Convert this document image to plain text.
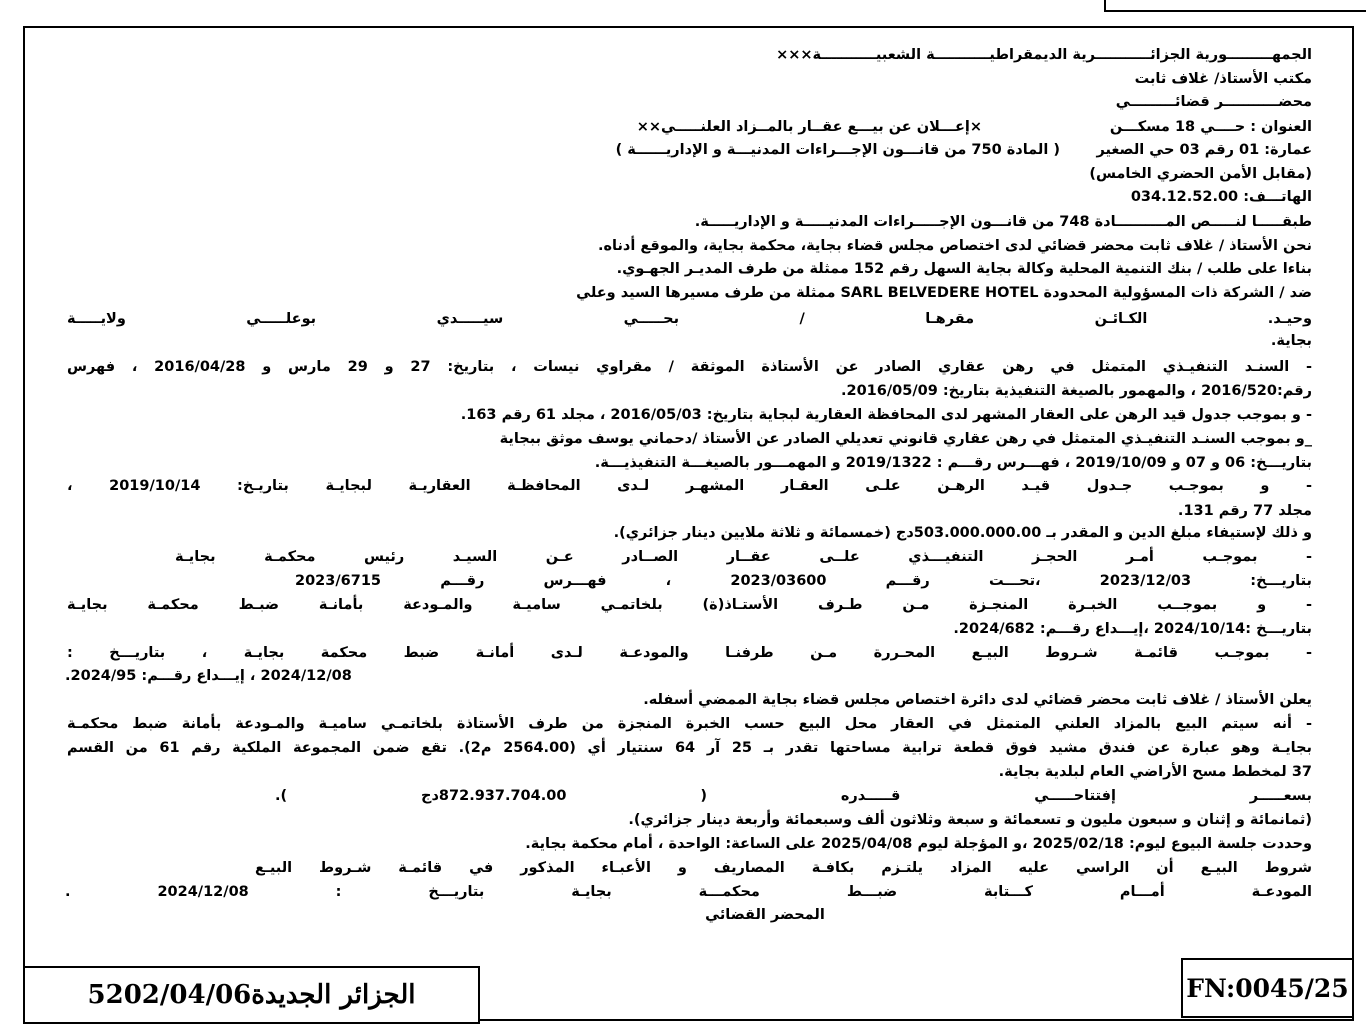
الجمهـــــــــورية الجزائـــــــــــرية الديمقراطيـــــــــــة الشعبيـــــــــــة×××
مكتب الأستاذ/ غلاف ثابت
محضـــــــــــر قضائـــــــــي
العنوان : حــــي 18 مسكـــن
×إعـــلان عن بيـــع عقــار بالمــزاد العلنـــــي××
عمارة: 01 رقم 03 حي الصغير
( المادة 750 من قانـــون الإجـــراءات المدنيـــة و الإداريــــــة )
(مقابل الأمن الحضري الخامس)
الهاتـــف: 034.12.52.00
طبقـــــا لنـــــص المــــــــــادة 748 من قانـــون الإجـــــراءات المدنيـــــة و الإداريـــــة.
نحن الأستاذ / غلاف ثابت محضر قضائي لدى اختصاص مجلس قضاء بجاية، محكمة بجاية، والموقع أدناه.
بناءا على طلب / بنك التنمية المحلية وكالة بجاية السهل رقم 152 ممثلة من طرف المديـر الجهـوي.
ضد / الشركة ذات المسؤولية المحدودة SARL BELVEDERE HOTEL ممثلة من طرف مسيرها السيد وعلي
وحيـد. الكـائـن مقرهـا / بحـــــي سيـــــدي بوعلـــــي ولايـــــة
بجاية.
- السنـد التنفيـذي المتمثل في رهن عقاري الصادر عن الأستاذة الموثقة / مقراوي نيسات ، بتاريخ: 27 و 29 مارس و 2016/04/28 ، فهرس
رقم:2016/520 ، والمهمور بالصيغة التنفيذية بتاريخ: 2016/05/09.
- و بموجب جدول قيد الرهن على العقار المشهر لدى المحافظة العقارية لبجاية بتاريخ: 2016/05/03 ، مجلد 61 رقم 163.
_و بموجب السنـد التنفيـذي المتمثل في رهن عقاري قانوني تعديلي الصادر عن الأستاذ /دحماني يوسف موثق ببجاية
بتاريـــخ: 06 و 07 و 2019/10/09 ، فهـــرس رقـــم : 2019/1322 و المهمـــور بالصيغـــة التنفيذيـــة.
- و بموجـب جـدول قيـد الرهـن علـى العقـار المشهـر لـدى المحافظـة العقاريـة لبجايـة بتاريـخ: 2019/10/14 ،
مجلد 77 رقم 131.
و ذلك لإستيفاء مبلغ الدين و المقدر بـ 503.000.000.00دج (خمسمائة و ثلاثة ملايين دينار جزائري).
- بموجـب أمـر الحجـز التنفيـــذي علــى عقــار الصــادر عـن السيـد رئيس محكمـة بجايـة
بتاريـــخ: 2023/12/03 ،تحـــت رقـــم 2023/03600 ، فهـــرس رقـــم 2023/6715
- و بموجــب الخبـرة المنجـزة مـن طـرف الأستـاذ(ة) بلخاتمـي ساميـة والمـودعة بأمانـة ضبـط محكمـة بجايـة
بتاريـــخ :2024/10/14 ،إيـــداع رقـــم: 2024/682.
- بموجـب قائمـة شـروط البيـع المحـررة مـن طرفنـا والمودعـة لـدى أمانـة ضبط محكمة بجايـة ، بتاريـــخ :
2024/12/08 ، إيـــداع رقـــم: 2024/95.
يعلن الأستاذ / غلاف ثابت محضر قضائي لدى دائرة اختصاص مجلس قضاء بجاية الممضي أسفله.
- أنه سيتم البيع بالمزاد العلني المتمثل في العقار محل البيع حسب الخبرة المنجزة من طرف الأستاذة بلخاتمـي ساميـة والمـودعة بأمانة ضبط محكمـة
بجايـة وهو عبارة عن فندق مشيد فوق قطعة ترابية مساحتها تقدر بـ 25 آر 64 سنتيار أي (2564.00 م2). تقع ضمن المجموعة الملكية رقم 61 من القسم
37 لمخطط مسح الأراضي العام لبلدية بجاية.
بسعـــــر إفتتاحـــــي قـــــدره ( 872.937.704.00دج ).
(ثمانمائة و إثنان و سبعون مليون و تسعمائة و سبعة وثلاثون ألف وسبعمائة وأربعة دينار جزائري).
وحددت جلسة البيوع ليوم: 2025/02/18 ،و المؤجلة ليوم 2025/04/08 على الساعة: الواحدة ، أمام محكمة بجاية.
شروط البيـع أن الراسي عليه المزاد يلتـزم بكافـة المصاريف و الأعبـاء المذكور في قائمـة شـروط البيـع
المودعـة أمـــام كـــتابة ضبـــط محكمـــة بجايـة بتاريـــخ : 2024/12/08 .
المحضر القضائي
الجزائر الجديدة
5202/04/06	FN:0045/25
